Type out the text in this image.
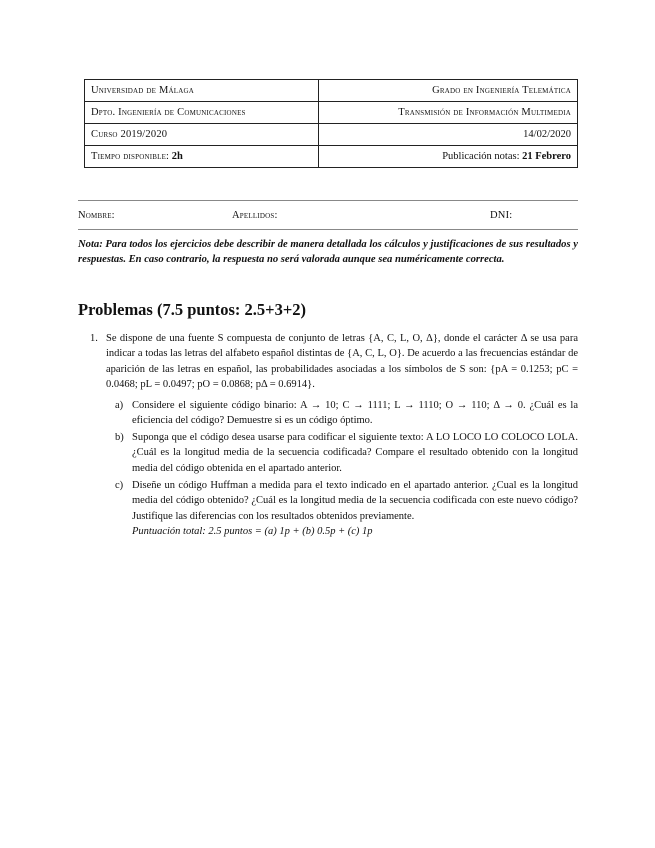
Universidad de Málaga	Grado en Ingeniería Telemática
Dpto. Ingeniería de Comunicaciones	Transmisión de Información Multimedia
Curso 2019/2020	14/02/2020
Tiempo disponible: 2h	Publicación notas: 21 Febrero
Nombre:	Apellidos:	DNI:
Nota: Para todos los ejercicios debe describir de manera detallada los cálculos y justificaciones de sus resultados y respuestas. En caso contrario, la respuesta no será valorada aunque sea numéricamente correcta.
Problemas (7.5 puntos: 2.5+3+2)
1. Se dispone de una fuente S compuesta de conjunto de letras {A, C, L, O, Δ}, donde el carácter Δ se usa para indicar a todas las letras del alfabeto español distintas de {A, C, L, O}. De acuerdo a las frecuencias estándar de aparición de las letras en español, las probabilidades asociadas a los símbolos de S son: {pA = 0.1253; pC = 0.0468; pL = 0.0497; pO = 0.0868; pΔ = 0.6914}.
a) Considere el siguiente código binario: A → 10; C → 1111; L → 1110; O → 110; Δ → 0. ¿Cuál es la eficiencia del código? Demuestre si es un código óptimo.
b) Suponga que el código desea usarse para codificar el siguiente texto: A LO LOCO LO COLOCO LOLA. ¿Cuál es la longitud media de la secuencia codificada? Compare el resultado obtenido con la longitud media del código obtenida en el apartado anterior.
c) Diseñe un código Huffman a medida para el texto indicado en el apartado anterior. ¿Cual es la longitud media del código obtenido? ¿Cuál es la longitud media de la secuencia codificada con este nuevo código? Justifique las diferencias con los resultados obtenidos previamente.
Puntuación total: 2.5 puntos = (a) 1p + (b) 0.5p + (c) 1p
